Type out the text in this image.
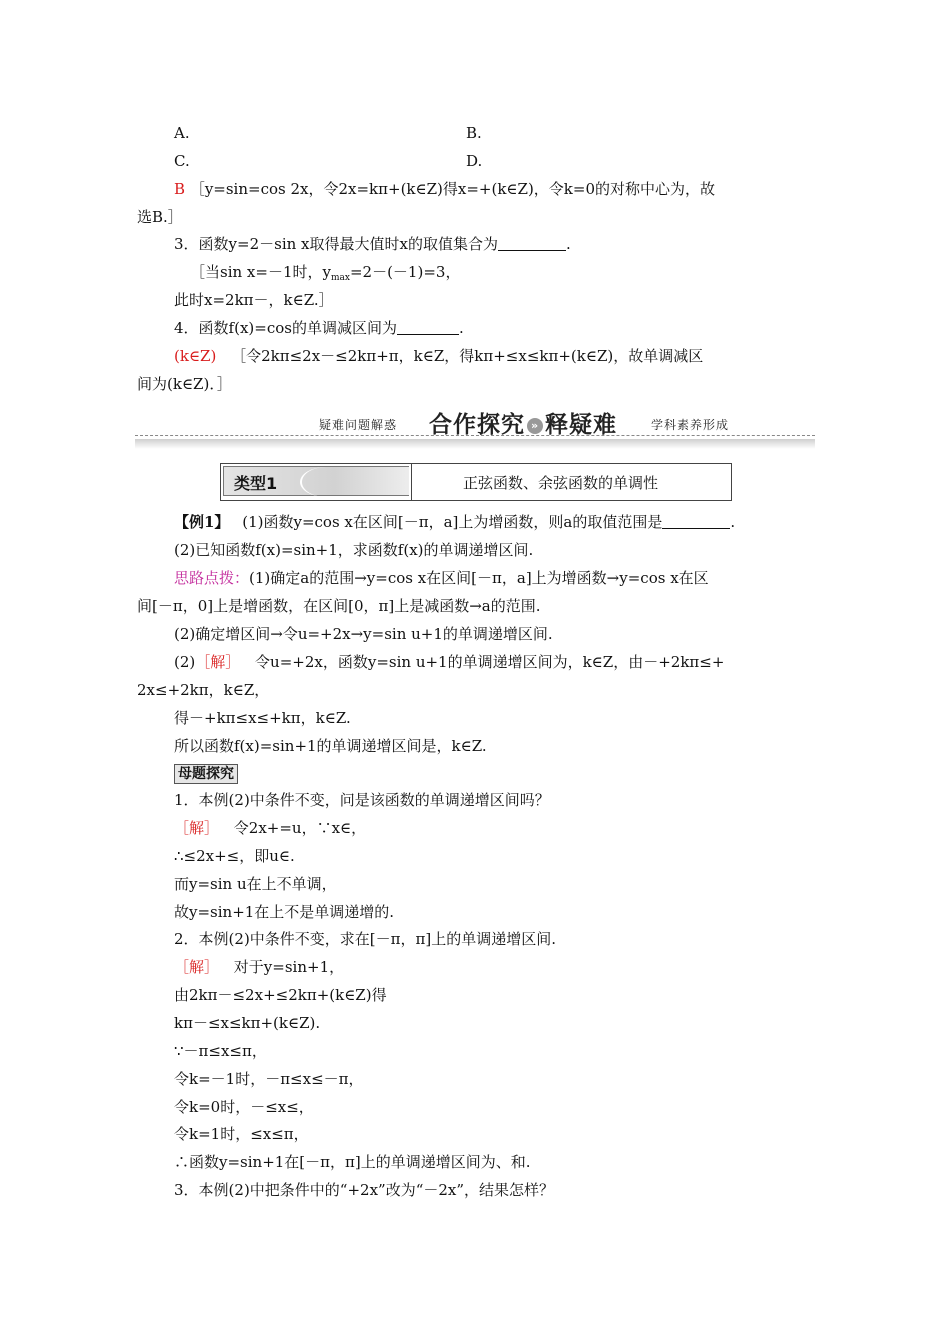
A.	B.
C.	D.
B ［y=sin=cos 2x，令2x=kπ+(k∈Z)得x=+(k∈Z)，令k=0的对称中心为，故
选B.］
3．函数y=2－sin x取得最大值时x的取值集合为	.
［当sin x=－1时，$y_{max}=2-(-1)=3$，
此时x=2kπ－，k∈Z.］
4．函数f(x)=cos的单调减区间为	.
(k∈Z) ［令2kπ≤2x－≤2kπ+π，k∈Z，得kπ+≤x≤kπ+(k∈Z)，故单调减区
间为(k∈Z)．］
疑难问题解惑 合作探究 » 释疑难	学科素养形成
类型1	正弦函数、余弦函数的单调性
【例1】 (1)函数y=cos x在区间[－π，a]上为增函数，则a的取值范围是	.
(2)已知函数f(x)=sin+1，求函数f(x)的单调递增区间.
思路点拨：(1)确定a的范围→y=cos x在区间[－π，a]上为增函数→y=cos x在区
间[－π，0]上是增函数，在区间[0，π]上是减函数→a的范围.
(2)确定增区间→令u=+2x→y=sin u+1的单调递增区间.
(2)［解］ 令u=+2x，函数y=sin u+1的单调递增区间为，k∈Z，由－+2kπ≤+
2x≤+2kπ，k∈Z，
得－+kπ≤x≤+kπ，k∈Z.
所以函数f(x)=sin+1的单调递增区间是，k∈Z.
母题探究
1．本例(2)中条件不变，问是该函数的单调递增区间吗？
［解］ 令2x+=u，∵x∈，
∴≤2x+≤，即u∈.
而y=sin u在上不单调，
故y=sin+1在上不是单调递增的.
2．本例(2)中条件不变，求在[－π，π]上的单调递增区间.
［解］ 对于y=sin+1，
由2kπ－≤2x+≤2kπ+(k∈Z)得
kπ－≤x≤kπ+(k∈Z).
∵－π≤x≤π，
令k=－1时，－π≤x≤－π，
令k=0时，－≤x≤，
令k=1时，≤x≤π，
∴函数y=sin+1在[－π，π]上的单调递增区间为、和.
3．本例(2)中把条件中的“+2x”改为“－2x”，结果怎样？
